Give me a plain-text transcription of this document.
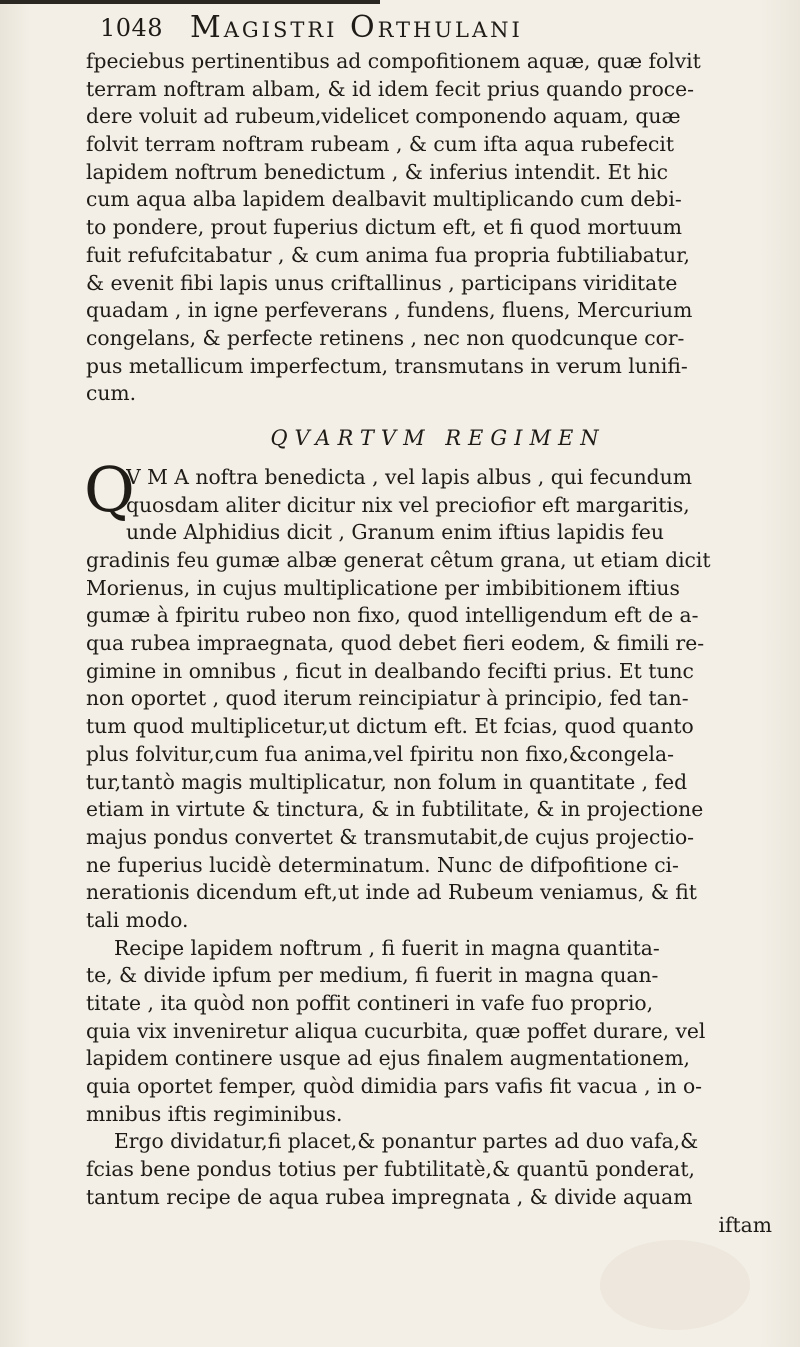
1048 Magistri Orthulani
fpeciebus pertinentibus ad compofitionem aquæ, quæ folvit
terram noftram albam, & id idem fecit prius quando proce-
dere voluit ad rubeum,videlicet componendo aquam, quæ
folvit terram noftram rubeam , & cum ifta aqua rubefecit
lapidem noftrum benedictum , & inferius intendit. Et hic
cum aqua alba lapidem dealbavit multiplicando cum debi-
to pondere, prout fuperius dictum eft, et fi quod mortuum
fuit refufcitabatur , & cum anima fua propria fubtiliabatur,
& evenit fibi lapis unus criftallinus , participans viriditate
quadam , in igne perfeverans , fundens, fluens, Mercurium
congelans, & perfecte retinens , nec non quodcunque cor-
pus metallicum imperfectum, transmutans in verum lunifi-
cum.
QVARTVM REGIMEN
Q
V M A noftra benedicta , vel lapis albus , qui fecundum
quosdam aliter dicitur nix vel preciofior eft margaritis,
unde Alphidius dicit , Granum enim iftius lapidis feu
gradinis feu gumæ albæ generat cêtum grana, ut etiam dicit
Morienus, in cujus multiplicatione per imbibitionem iftius
gumæ à fpiritu rubeo non fixo, quod intelligendum eft de a-
qua rubea impraegnata, quod debet fieri eodem, & fimili re-
gimine in omnibus , ficut in dealbando fecifti prius. Et tunc
non oportet , quod iterum reincipiatur à principio, fed tan-
tum quod multiplicetur,ut dictum eft. Et fcias, quod quanto
plus folvitur,cum fua anima,vel fpiritu non fixo,&congela-
tur,tantò magis multiplicatur, non folum in quantitate , fed
etiam in virtute & tinctura, & in fubtilitate, & in projectione
majus pondus convertet & transmutabit,de cujus projectio-
ne fuperius lucidè determinatum. Nunc de difpofitione ci-
nerationis dicendum eft,ut inde ad Rubeum veniamus, & fit
tali modo.
Recipe lapidem noftrum , fi fuerit in magna quantita-
te, & divide ipfum per medium, fi fuerit in magna quan-
titate , ita quòd non poffit contineri in vafe fuo proprio,
quia vix inveniretur aliqua cucurbita, quæ poffet durare, vel
lapidem continere usque ad ejus finalem augmentationem,
quia oportet femper, quòd dimidia pars vafis fit vacua , in o-
mnibus iftis regiminibus.
Ergo dividatur,fi placet,& ponantur partes ad duo vafa,&
fcias bene pondus totius per fubtilitatè,& quantū ponderat,
tantum recipe de aqua rubea impregnata , & divide aquam
iftam
